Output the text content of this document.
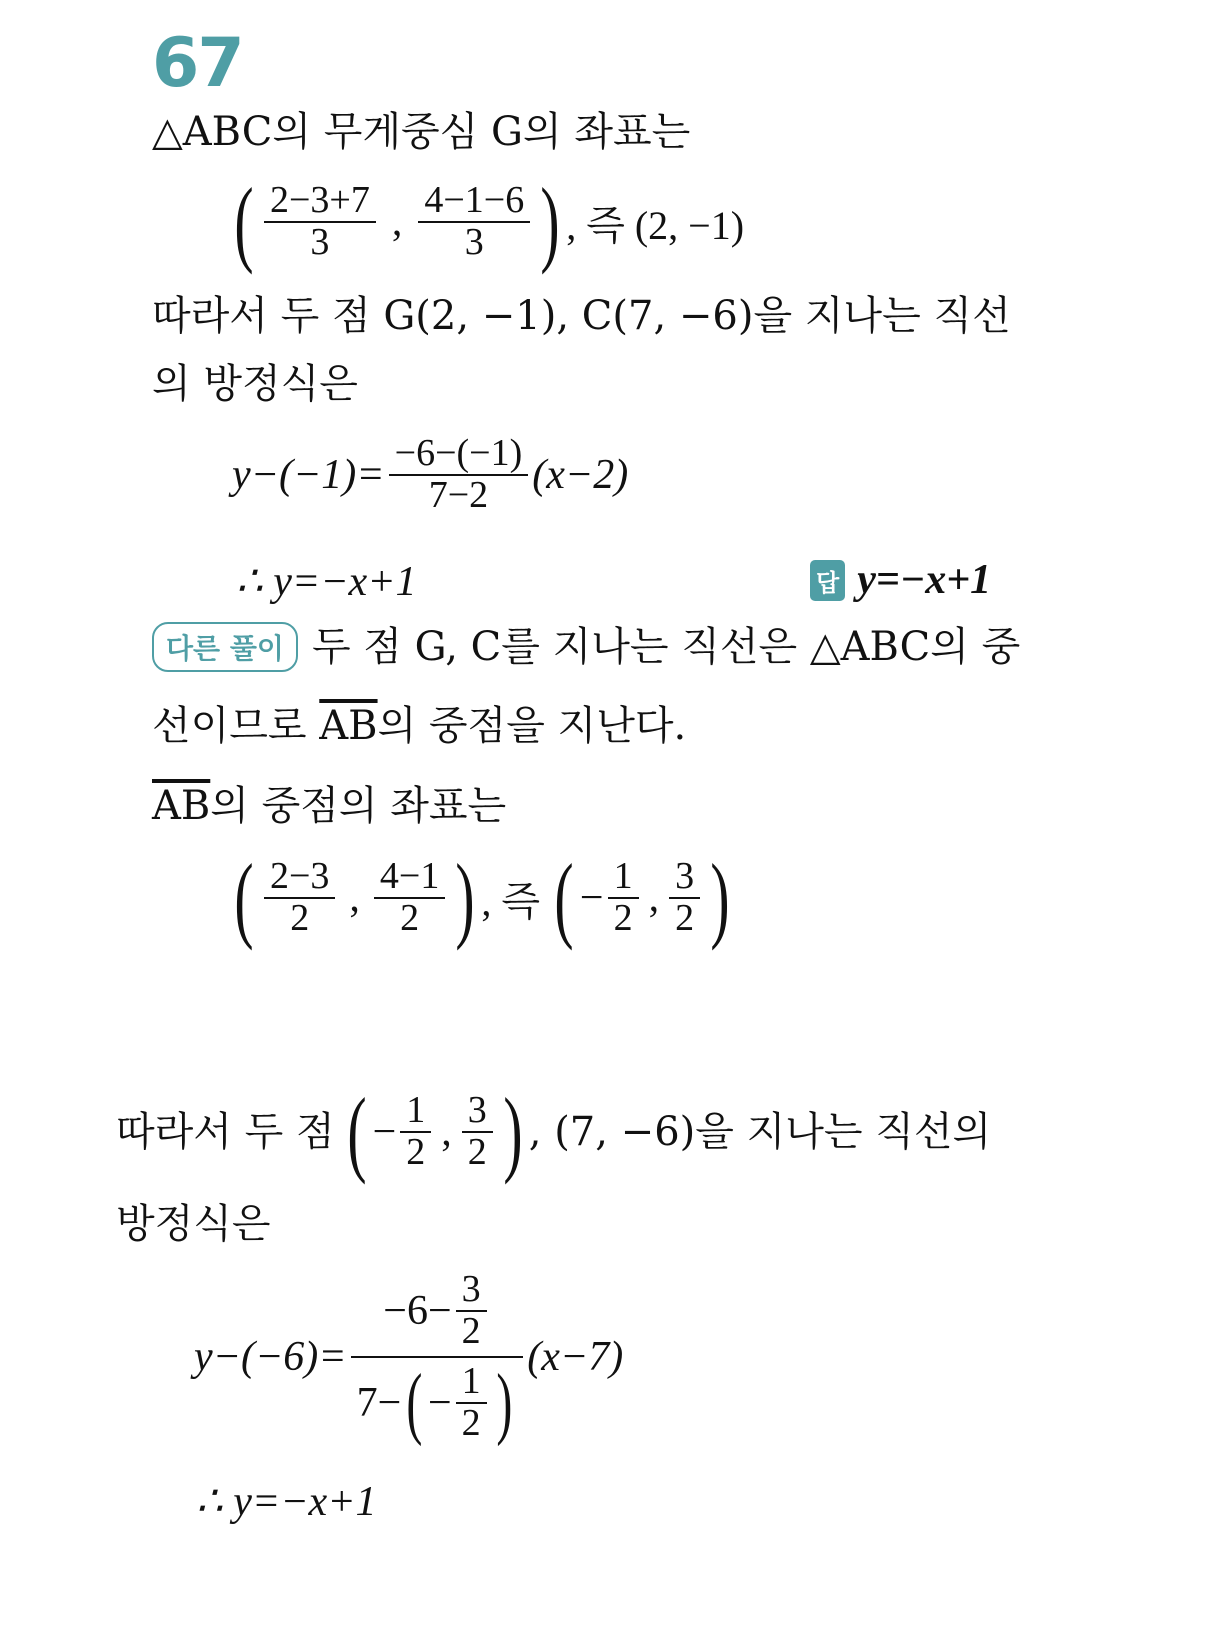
67
△ABC의 무게중심 G의 좌표는
( $\frac{2-3+7}{3}$ , $\frac{4-1-6}{3}$ ) , 즉 (2, −1)
따라서 두 점 G(2, −1), C(7, −6)을 지나는 직선
의 방정식은
$y-(-1)= \frac{-6-(-1)}{7-2} (x-2)$
∴ y=−x+1	답 y=−x+1
다른 풀이 두 점 G, C를 지나는 직선은 △ABC의 중
선이므로 $\overline{AB}$의 중점을 지난다.
$\overline{AB}$의 중점의 좌표는
( $\frac{2-3}{2}$ , $\frac{4-1}{2}$ ) , 즉 ( − $\frac{1}{2}$ , $\frac{3}{2}$ )
따라서 두 점 ( − $\frac{1}{2}$ , $\frac{3}{2}$ ) , (7, −6)을 지나는 직선의
방정식은
y−(−6)=
$-6- \frac{3}{2}$
7− ( − $\frac{1}{2}$ )
(x−7)
∴ y=−x+1
